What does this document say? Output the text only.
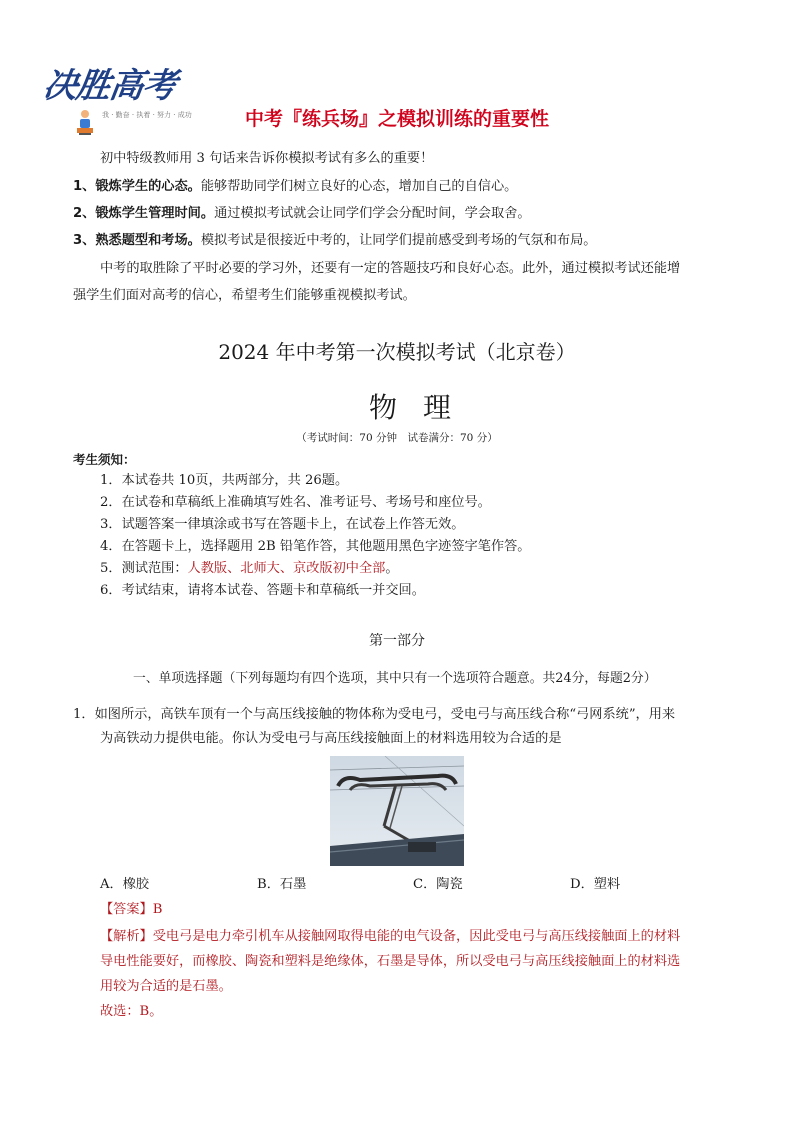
决胜高考
我 · 勤奋 · 执着 · 努力 · 成功	中考『练兵场』之模拟训练的重要性
初中特级教师用 3 句话来告诉你模拟考试有多么的重要！
1、锻炼学生的心态。能够帮助同学们树立良好的心态，增加自己的自信心。
2、锻炼学生管理时间。通过模拟考试就会让同学们学会分配时间，学会取舍。
3、熟悉题型和考场。模拟考试是很接近中考的，让同学们提前感受到考场的气氛和布局。
中考的取胜除了平时必要的学习外，还要有一定的答题技巧和良好心态。此外，通过模拟考试还能增
强学生们面对高考的信心，希望考生们能够重视模拟考试。
2024 年中考第一次模拟考试（北京卷）
物理
（考试时间：70 分钟　试卷满分：70 分）
考生须知：
1．本试卷共 10页，共两部分，共 26题。
2．在试卷和草稿纸上准确填写姓名、准考证号、考场号和座位号。
3．试题答案一律填涂或书写在答题卡上，在试卷上作答无效。
4．在答题卡上，选择题用 2B 铅笔作答，其他题用黑色字迹签字笔作答。
5．测试范围：人教版、北师大、京改版初中全部。
6．考试结束，请将本试卷、答题卡和草稿纸一并交回。
第一部分
一、单项选择题（下列每题均有四个选项，其中只有一个选项符合题意。共24分，每题2分）
1．如图所示，高铁车顶有一个与高压线接触的物体称为受电弓，受电弓与高压线合称“弓网系统”，用来
为高铁动力提供电能。你认为受电弓与高压线接触面上的材料选用较为合适的是
A．橡胶	B．石墨	C．陶瓷	D．塑料
【答案】B
【解析】受电弓是电力牵引机车从接触网取得电能的电气设备，因此受电弓与高压线接触面上的材料
导电性能要好，而橡胶、陶瓷和塑料是绝缘体，石墨是导体，所以受电弓与高压线接触面上的材料选
用较为合适的是石墨。
故选：B。
